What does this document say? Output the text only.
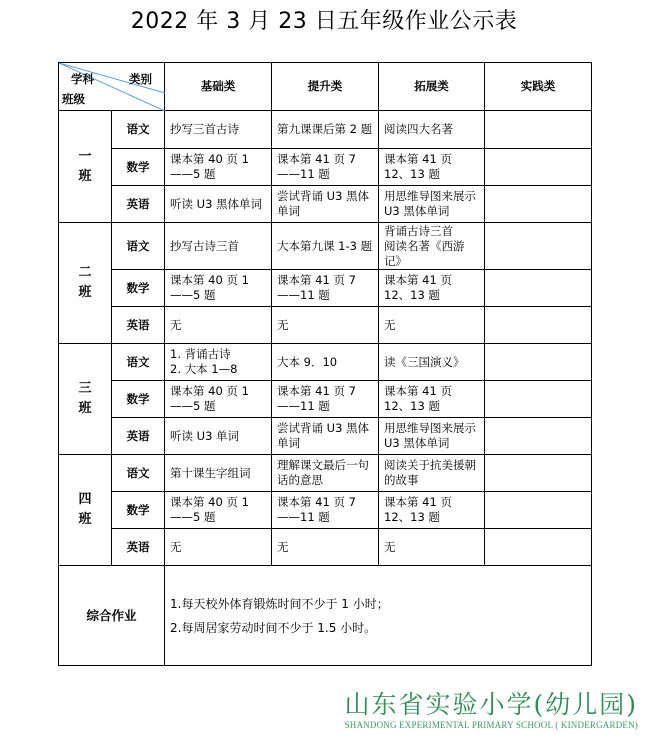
2022 年 3 月 23 日五年级作业公示表
学科 类别
班级		基础类	提升类	拓展类	实践类
一
班	语文	抄写三首古诗	第九课课后第 2 题	阅读四大名著	
	数学	课本第 40 页 1——5 题	课本第 41 页 7——11 题	课本第 41 页 12、13 题	
	英语	听读 U3 黑体单词	尝试背诵 U3 黑体单词	用思维导图来展示 U3 黑体单词	
二
班	语文	抄写古诗三首	大本第九课 1-3 题	背诵古诗三首
阅读名著《西游记》	
	数学	课本第 40 页 1——5 题	课本第 41 页 7——11 题	课本第 41 页 12、13 题	
	英语	无	无	无	
三
班	语文	1. 背诵古诗
2. 大本 1—8	大本 9．10	读《三国演义》	
	数学	课本第 40 页 1——5 题	课本第 41 页 7——11 题	课本第 41 页 12、13 题	
	英语	听读 U3 单词	尝试背诵 U3 黑体单词	用思维导图来展示 U3 黑体单词	
四
班	语文	第十课生字组词	理解课文最后一句话的意思	阅读关于抗美援朝的故事	
	数学	课本第 40 页 1——5 题	课本第 41 页 7——11 题	课本第 41 页 12、13 题	
	英语	无	无	无	
综合作业		1.每天校外体育锻炼时间不少于 1 小时；
2.每周居家劳动时间不少于 1.5 小时。			
山东省实验小学(幼儿园)
SHANDONG EXPERIMENTAL PRIMARY SCHOOL ( KINDERGARDEN)
